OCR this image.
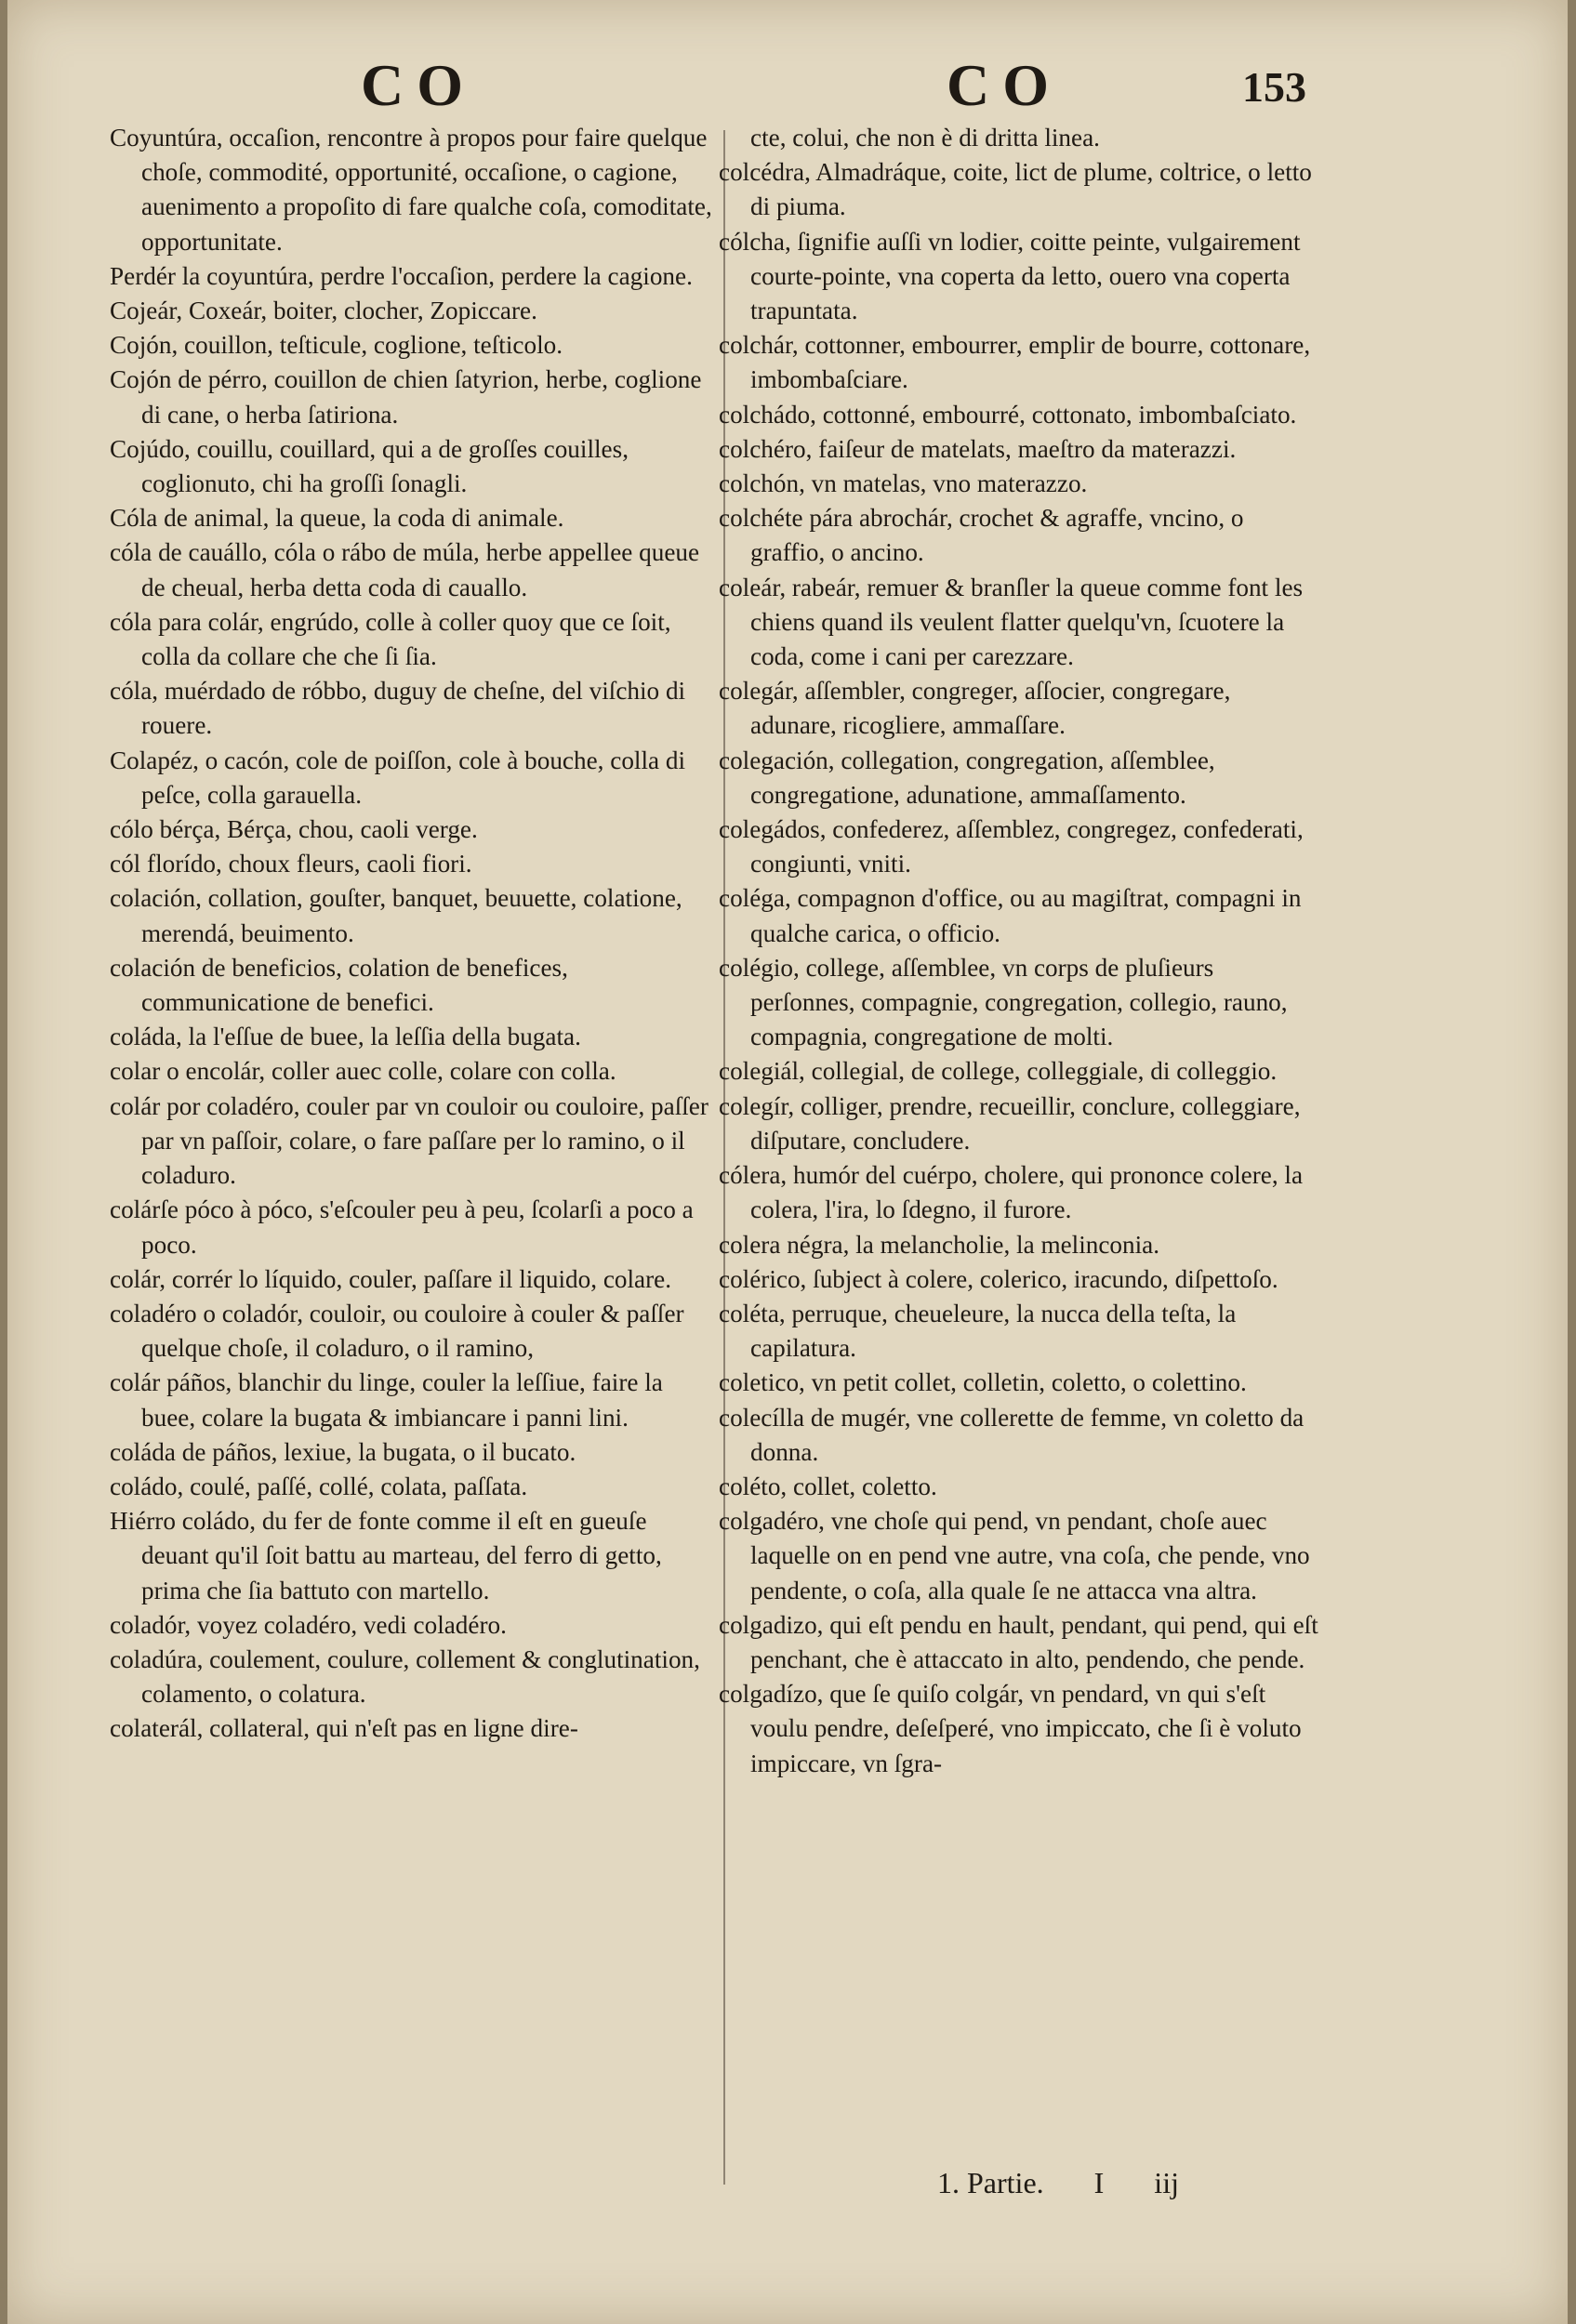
CO	CO	153

Coyuntúra, occaſion, rencontre à propos pour faire quelque choſe, commodité, opportunité, occaſione, o cagione, auenimento a propoſito di fare qualche coſa, comoditate, opportunitate.

Perdér la coyuntúra, perdre l'occaſion, perdere la cagione.

Cojeár, Coxeár, boiter, clocher, Zopiccare.

Cojón, couillon, teſticule, coglione, teſticolo.

Cojón de pérro, couillon de chien ſatyrion, herbe, coglione di cane, o herba ſatiriona.

Cojúdo, couillu, couillard, qui a de groſſes couilles, coglionuto, chi ha groſſi ſonagli.

Cóla de animal, la queue, la coda di animale.

cóla de cauállo, cóla o rábo de múla, herbe appellee queue de cheual, herba detta coda di cauallo.

cóla para colár, engrúdo, colle à coller quoy que ce ſoit, colla da collare che che ſi ſia.

cóla, muérdado de róbbo, duguy de cheſne, del viſchio di rouere.

Colapéz, o cacón, cole de poiſſon, cole à bouche, colla di peſce, colla garauella.

cólo bérça, Bérça, chou, caoli verge.

cól florído, choux fleurs, caoli fiori.

colación, collation, gouſter, banquet, beuuette, colatione, merendá, beuimento.

colación de beneficios, colation de benefices, communicatione de benefici.

coláda, la l'eſſue de buee, la leſſia della bugata.

colar o encolár, coller auec colle, colare con colla.

colár por coladéro, couler par vn couloir ou couloire, paſſer par vn paſſoir, colare, o fare paſſare per lo ramino, o il coladuro.

colárſe póco à póco, s'eſcouler peu à peu, ſcolarſi a poco a poco.

colár, corrér lo líquido, couler, paſſare il liquido, colare.

coladéro o coladór, couloir, ou couloire à couler & paſſer quelque choſe, il coladuro, o il ramino,

colár páños, blanchir du linge, couler la leſſiue, faire la buee, colare la bugata & imbiancare i panni lini.

coláda de páños, lexiue, la bugata, o il bucato.

coládo, coulé, paſſé, collé, colata, paſſata.

Hiérro coládo, du fer de fonte comme il eſt en gueuſe deuant qu'il ſoit battu au marteau, del ferro di getto, prima che ſia battuto con martello.

coladór, voyez coladéro, vedi coladéro.

coladúra, coulement, coulure, collement & conglutination, colamento, o colatura.

colaterál, collateral, qui n'eſt pas en ligne dire-

cte, colui, che non è di dritta linea.

colcédra, Almadráque, coite, lict de plume, coltrice, o letto di piuma.

cólcha, ſignifie auſſi vn lodier, coitte peinte, vulgairement courte-pointe, vna coperta da letto, ouero vna coperta trapuntata.

colchár, cottonner, embourrer, emplir de bourre, cottonare, imbombaſciare.

colchádo, cottonné, embourré, cottonato, imbombaſciato.

colchéro, faiſeur de matelats, maeſtro da materazzi.

colchón, vn matelas, vno materazzo.

colchéte pára abrochár, crochet & agraffe, vncino, o graffio, o ancino.

coleár, rabeár, remuer & branſler la queue comme font les chiens quand ils veulent flatter quelqu'vn, ſcuotere la coda, come i cani per carezzare.

colegár, aſſembler, congreger, aſſocier, congregare, adunare, ricogliere, ammaſſare.

colegación, collegation, congregation, aſſemblee, congregatione, adunatione, ammaſſamento.

colegádos, confederez, aſſemblez, congregez, confederati, congiunti, vniti.

coléga, compagnon d'office, ou au magiſtrat, compagni in qualche carica, o officio.

colégio, college, aſſemblee, vn corps de pluſieurs perſonnes, compagnie, congregation, collegio, rauno, compagnia, congregatione de molti.

colegiál, collegial, de college, colleggiale, di colleggio.

colegír, colliger, prendre, recueillir, conclure, colleggiare, diſputare, concludere.

cólera, humór del cuérpo, cholere, qui prononce colere, la colera, l'ira, lo ſdegno, il furore.

colera négra, la melancholie, la melinconia.

colérico, ſubject à colere, colerico, iracundo, diſpettoſo.

coléta, perruque, cheueleure, la nucca della teſta, la capilatura.

coletico, vn petit collet, colletin, coletto, o colettino.

colecílla de mugér, vne collerette de femme, vn coletto da donna.

coléto, collet, coletto.

colgadéro, vne choſe qui pend, vn pendant, choſe auec laquelle on en pend vne autre, vna coſa, che pende, vno pendente, o coſa, alla quale ſe ne attacca vna altra.

colgadizo, qui eſt pendu en hault, pendant, qui pend, qui eſt penchant, che è attaccato in alto, pendendo, che pende.

colgadízo, que ſe quiſo colgár, vn pendard, vn qui s'eſt voulu pendre, deſeſperé, vno impiccato, che ſi è voluto impiccare, vn ſgra-

1. Partie. I iij
